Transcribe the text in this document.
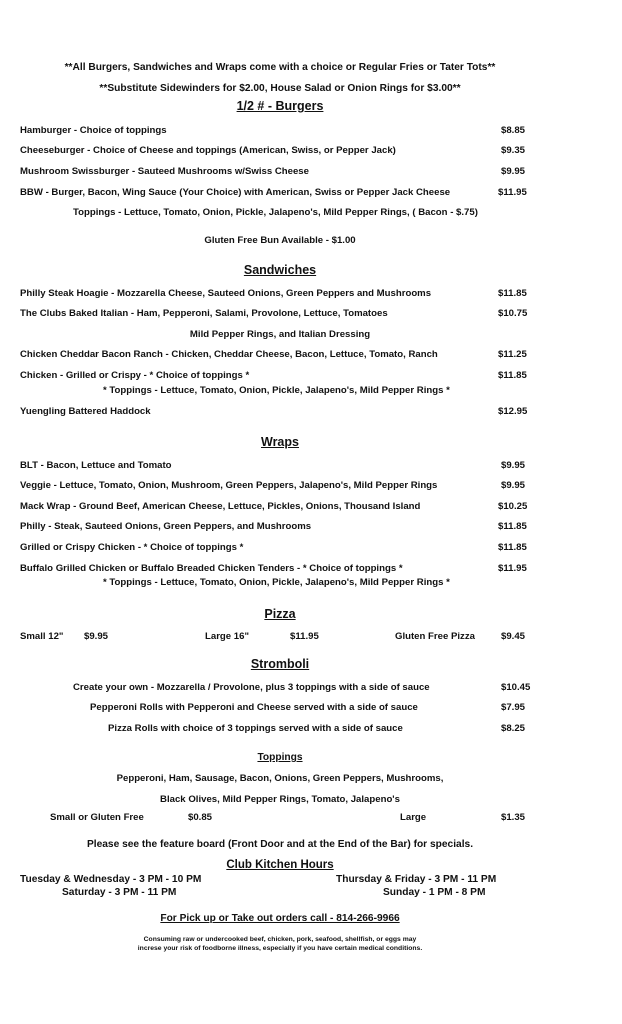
**All Burgers, Sandwiches and Wraps come with a choice or Regular Fries or Tater Tots**
**Substitute Sidewinders for $2.00, House Salad or Onion Rings for $3.00**
1/2 # - Burgers
Hamburger - Choice of toppings	$8.85
Cheeseburger - Choice of Cheese and toppings (American, Swiss, or Pepper Jack)	$9.35
Mushroom Swissburger - Sauteed Mushrooms w/Swiss Cheese	$9.95
BBW - Burger, Bacon, Wing Sauce (Your Choice) with American, Swiss or Pepper Jack Cheese	$11.95
Toppings - Lettuce, Tomato, Onion, Pickle, Jalapeno's, Mild Pepper Rings, ( Bacon - $.75)
Gluten Free Bun Available - $1.00
Sandwiches
Philly Steak Hoagie - Mozzarella Cheese, Sauteed Onions, Green Peppers and Mushrooms	$11.85
The Clubs Baked Italian - Ham, Pepperoni, Salami, Provolone, Lettuce, Tomatoes	$10.75
Mild Pepper Rings, and Italian Dressing
Chicken Cheddar Bacon Ranch - Chicken, Cheddar Cheese, Bacon, Lettuce, Tomato, Ranch	$11.25
Chicken - Grilled or Crispy - * Choice of toppings *	$11.85
* Toppings - Lettuce, Tomato, Onion, Pickle, Jalapeno's, Mild Pepper Rings *
Yuengling Battered Haddock	$12.95
Wraps
BLT - Bacon, Lettuce and Tomato	$9.95
Veggie - Lettuce, Tomato, Onion, Mushroom, Green Peppers, Jalapeno's, Mild Pepper Rings	$9.95
Mack Wrap - Ground Beef, American Cheese, Lettuce, Pickles, Onions, Thousand Island	$10.25
Philly - Steak, Sauteed Onions, Green Peppers, and Mushrooms	$11.85
Grilled or Crispy Chicken - * Choice of toppings *	$11.85
Buffalo Grilled Chicken or Buffalo Breaded Chicken Tenders - * Choice of toppings *	$11.95
* Toppings - Lettuce, Tomato, Onion, Pickle, Jalapeno's, Mild Pepper Rings *
Pizza
Small 12" $9.95	Large 16"	$11.95	Gluten Free Pizza	$9.45
Stromboli
Create your own - Mozzarella / Provolone, plus 3 toppings with a side of sauce	$10.45
Pepperoni Rolls with Pepperoni and Cheese served with a side of sauce	$7.95
Pizza Rolls with choice of 3 toppings served with a side of sauce	$8.25
Toppings
Pepperoni, Ham, Sausage, Bacon, Onions, Green Peppers, Mushrooms,
Black Olives, Mild Pepper Rings, Tomato, Jalapeno's
Small or Gluten Free	$0.85	Large	$1.35
Please see the feature board (Front Door and at the End of the Bar) for specials.
Club Kitchen Hours
Tuesday & Wednesday - 3 PM - 10 PM	Thursday & Friday - 3 PM - 11 PM
Saturday - 3 PM - 11 PM	Sunday - 1 PM - 8 PM
For Pick up or Take out orders call - 814-266-9966
Consuming raw or undercooked beef, chicken, pork, seafood, shellfish, or eggs may
increse your risk of foodborne illness, especially if you have certain medical conditions.
